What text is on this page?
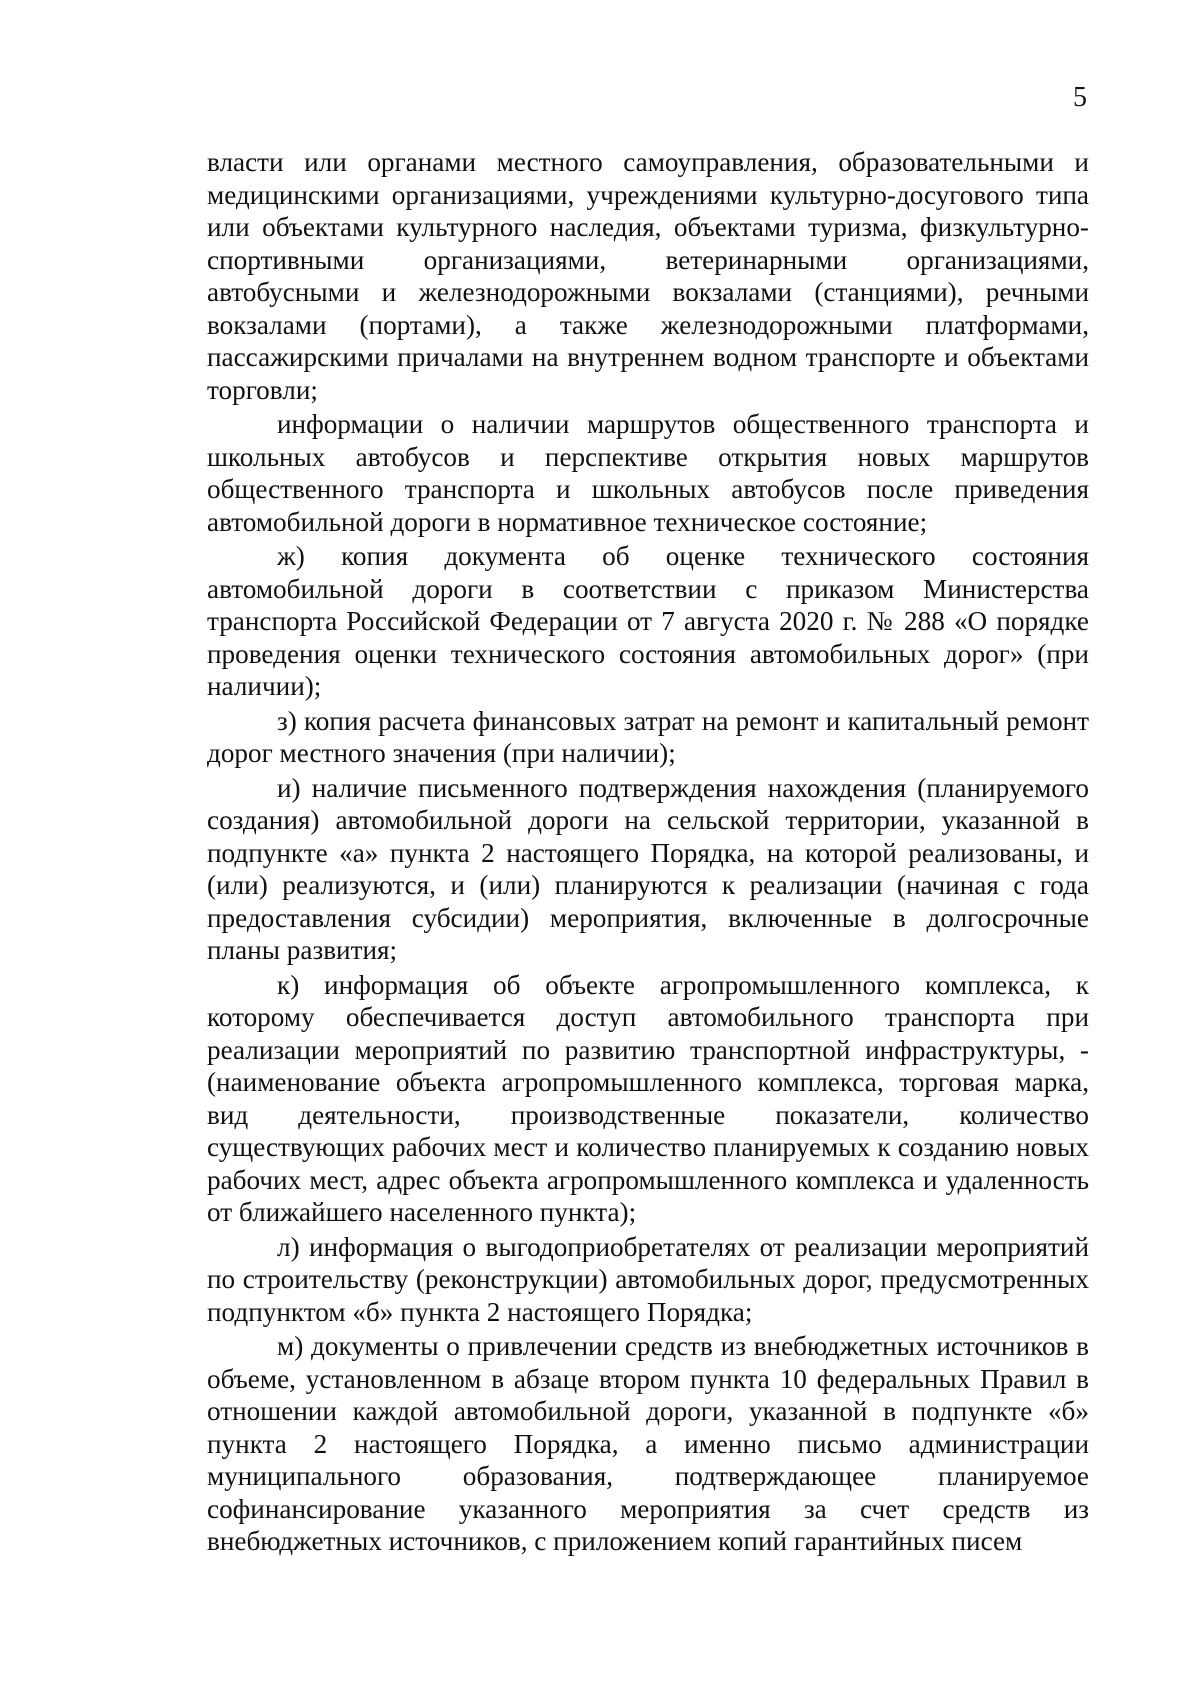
5

власти или органами местного самоуправления, образовательными и медицинскими организациями, учреждениями культурно-досугового типа или объектами культурного наследия, объектами туризма, физкультурно-спортивными организациями, ветеринарными организациями, автобусными и железнодорожными вокзалами (станциями), речными вокзалами (портами), а также железнодорожными платформами, пассажирскими причалами на внутреннем водном транспорте и объектами торговли;

информации о наличии маршрутов общественного транспорта и школьных автобусов и перспективе открытия новых маршрутов общественного транспорта и школьных автобусов после приведения автомобильной дороги в нормативное техническое состояние;

ж) копия документа об оценке технического состояния автомобильной дороги в соответствии с приказом Министерства транспорта Российской Федерации от 7 августа 2020 г. № 288 «О порядке проведения оценки технического состояния автомобильных дорог» (при наличии);

з) копия расчета финансовых затрат на ремонт и капитальный ремонт дорог местного значения (при наличии);

и) наличие письменного подтверждения нахождения (планируемого создания) автомобильной дороги на сельской территории, указанной в подпункте «а» пункта 2 настоящего Порядка, на которой реализованы, и (или) реализуются, и (или) планируются к реализации (начиная с года предоставления субсидии) мероприятия, включенные в долгосрочные планы развития;

к) информация об объекте агропромышленного комплекса, к которому обеспечивается доступ автомобильного транспорта при реализации мероприятий по развитию транспортной инфраструктуры, - (наименование объекта агропромышленного комплекса, торговая марка, вид деятельности, производственные показатели, количество существующих рабочих мест и количество планируемых к созданию новых рабочих мест, адрес объекта агропромышленного комплекса и удаленность от ближайшего населенного пункта);

л) информация о выгодоприобретателях от реализации мероприятий по строительству (реконструкции) автомобильных дорог, предусмотренных подпунктом «б» пункта 2 настоящего Порядка;

м) документы о привлечении средств из внебюджетных источников в объеме, установленном в абзаце втором пункта 10 федеральных Правил в отношении каждой автомобильной дороги, указанной в подпункте «б» пункта 2 настоящего Порядка, а именно письмо администрации муниципального образования, подтверждающее планируемое софинансирование указанного мероприятия за счет средств из внебюджетных источников, с приложением копий гарантийных писем
